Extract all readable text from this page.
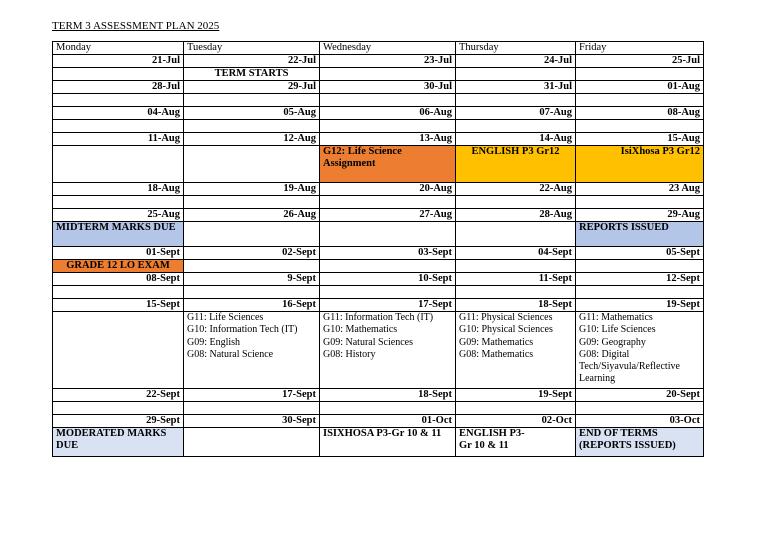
TERM 3 ASSESSMENT PLAN 2025
Monday	Tuesday	Wednesday	Thursday	Friday
21-Jul	22-Jul	23-Jul	24-Jul	25-Jul
	TERM STARTS			
28-Jul	29-Jul	30-Jul	31-Jul	01-Aug

04-Aug	05-Aug	06-Aug	07-Aug	08-Aug

11-Aug	12-Aug	13-Aug	14-Aug	15-Aug
		G12: Life Science Assignment	ENGLISH P3 Gr12	IsiXhosa P3 Gr12
18-Aug	19-Aug	20-Aug	22-Aug	23 Aug

25-Aug	26-Aug	27-Aug	28-Aug	29-Aug
MIDTERM MARKS DUE				REPORTS ISSUED
01-Sept	02-Sept	03-Sept	04-Sept	05-Sept
GRADE 12 LO EXAM				
08-Sept	9-Sept	10-Sept	11-Sept	12-Sept

15-Sept	16-Sept	17-Sept	18-Sept	19-Sept

	G11: Life Sciences
G10: Information Tech (IT)
G09: English
G08: Natural Science	G11: Information Tech (IT)
G10: Mathematics
G09: Natural Sciences
G08: History	G11: Physical Sciences
G10: Physical Sciences
G09: Mathematics
G08: Mathematics	G11: Mathematics
G10: Life Sciences
G09: Geography
G08: Digital Tech/Siyavula/Reflective Learning

22-Sept	17-Sept	18-Sept	19-Sept	20-Sept

29-Sept	30-Sept	01-Oct	02-Oct	03-Oct
MODERATED MARKS DUE		ISIXHOSA P3-Gr 10 & 11	ENGLISH P3-
Gr 10 & 11	END OF TERMS
(REPORTS ISSUED)
